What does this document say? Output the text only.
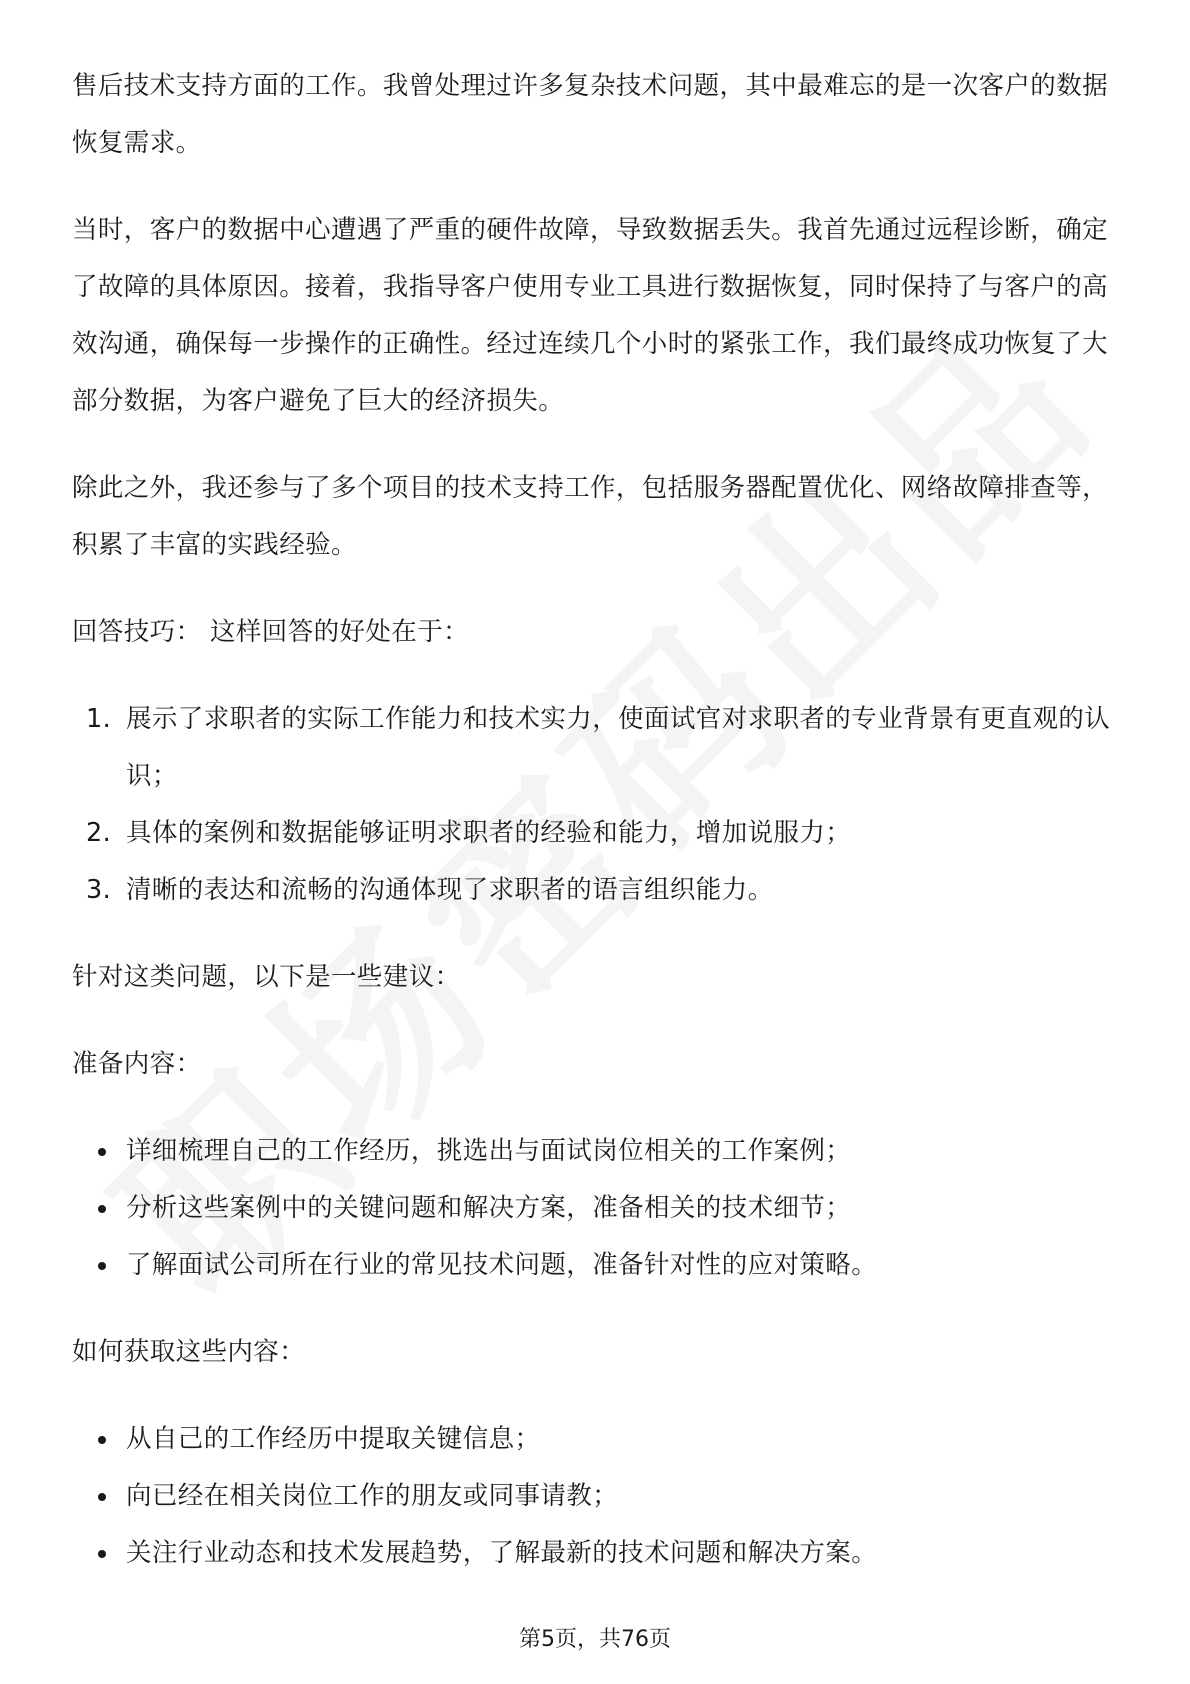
售后技术支持方面的工作。我曾处理过许多复杂技术问题，其中最难忘的是一次客户的数据恢复需求。

当时，客户的数据中心遭遇了严重的硬件故障，导致数据丢失。我首先通过远程诊断，确定了故障的具体原因。接着，我指导客户使用专业工具进行数据恢复，同时保持了与客户的高效沟通，确保每一步操作的正确性。经过连续几个小时的紧张工作，我们最终成功恢复了大部分数据，为客户避免了巨大的经济损失。

除此之外，我还参与了多个项目的技术支持工作，包括服务器配置优化、网络故障排查等，积累了丰富的实践经验。

回答技巧： 这样回答的好处在于：

1. 展示了求职者的实际工作能力和技术实力，使面试官对求职者的专业背景有更直观的认识；
2. 具体的案例和数据能够证明求职者的经验和能力，增加说服力；
3. 清晰的表达和流畅的沟通体现了求职者的语言组织能力。

针对这类问题，以下是一些建议：

准备内容：

详细梳理自己的工作经历，挑选出与面试岗位相关的工作案例；
分析这些案例中的关键问题和解决方案，准备相关的技术细节；
了解面试公司所在行业的常见技术问题，准备针对性的应对策略。

如何获取这些内容：

从自己的工作经历中提取关键信息；
向已经在相关岗位工作的朋友或同事请教；
关注行业动态和技术发展趋势，了解最新的技术问题和解决方案。
第5页，共76页
